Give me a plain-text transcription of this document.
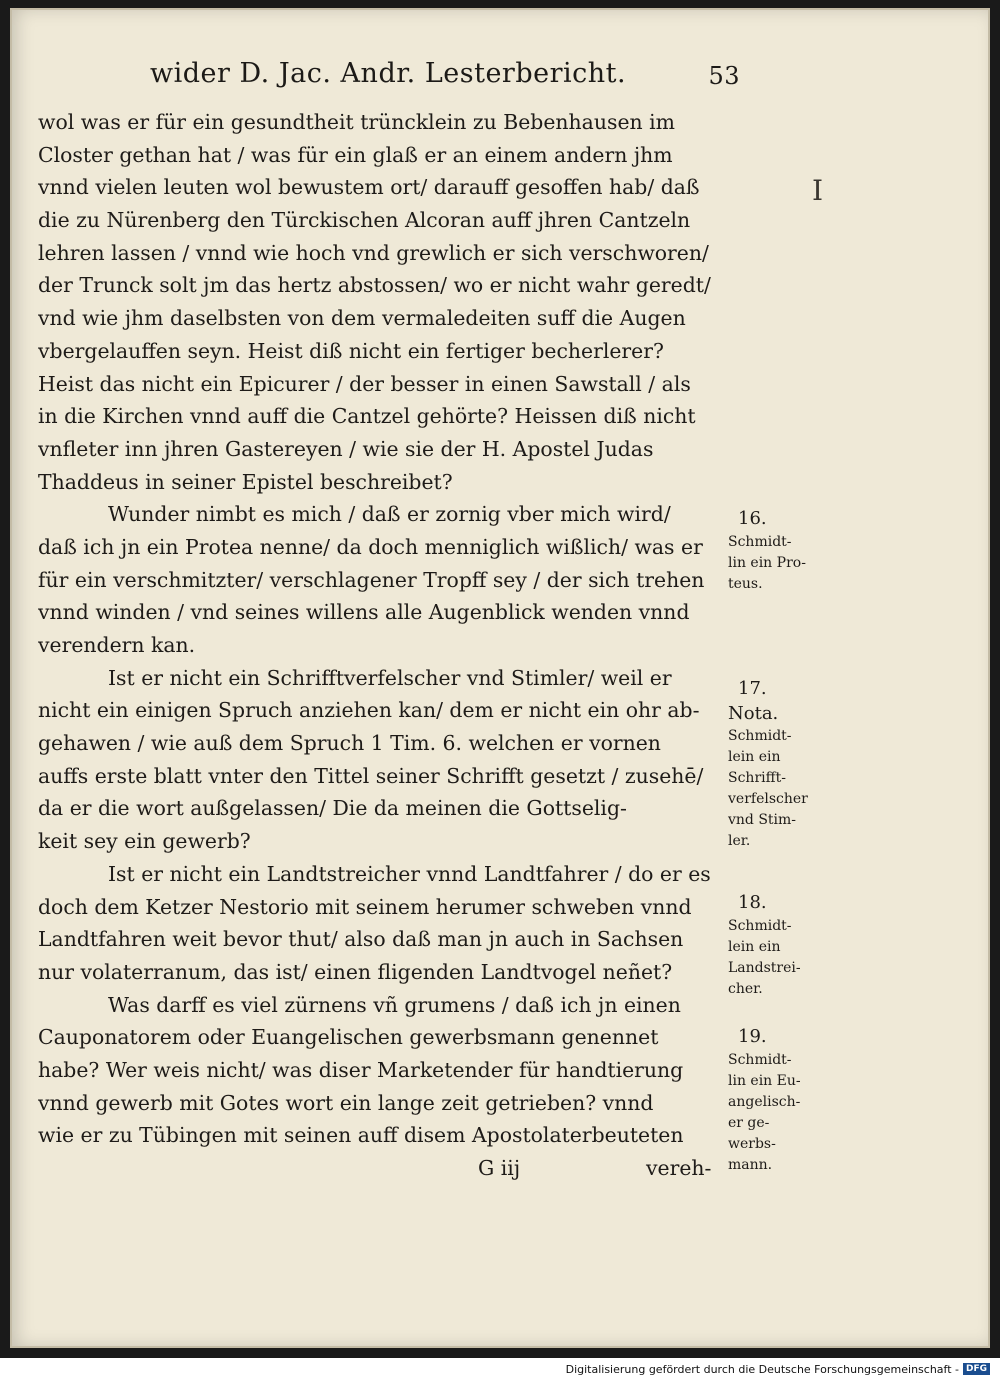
wider D. Jac. Andr. Lesterbericht.	53
I
wol was er für ein gesundtheit trüncklein zu Bebenhausen im
Closter gethan hat / was für ein glaß er an einem andern jhm
vnnd vielen leuten wol bewustem ort/ darauff gesoffen hab/ daß
die zu Nürenberg den Türckischen Alcoran auff jhren Cantzeln
lehren lassen / vnnd wie hoch vnd grewlich er sich verschworen/
der Trunck solt jm das hertz abstossen/ wo er nicht wahr geredt/
vnd wie jhm daselbsten von dem vermaledeiten suff die Augen
vbergelauffen seyn. Heist diß nicht ein fertiger becherlerer?
Heist das nicht ein Epicurer / der besser in einen Sawstall / als
in die Kirchen vnnd auff die Cantzel gehörte? Heissen diß nicht
vnfleter inn jhren Gastereyen / wie sie der H. Apostel Judas
Thaddeus in seiner Epistel beschreibet?
Wunder nimbt es mich / daß er zornig vber mich wird/
daß ich jn ein Protea nenne/ da doch menniglich wißlich/ was er
für ein verschmitzter/ verschlagener Tropff sey / der sich trehen
vnnd winden / vnd seines willens alle Augenblick wenden vnnd
verendern kan.
Ist er nicht ein Schrifftverfelscher vnd Stimler/ weil er
nicht ein einigen Spruch anziehen kan/ dem er nicht ein ohr ab-
gehawen / wie auß dem Spruch 1 Tim. 6. welchen er vornen
auffs erste blatt vnter den Tittel seiner Schrifft gesetzt / zusehē/
da er die wort außgelassen/ Die da meinen die Gottselig-
keit sey ein gewerb?
Ist er nicht ein Landtstreicher vnnd Landtfahrer / do er es
doch dem Ketzer Nestorio mit seinem herumer schweben vnnd
Landtfahren weit bevor thut/ also daß man jn auch in Sachsen
nur volaterranum, das ist/ einen fligenden Landtvogel neñet?
Was darff es viel zürnens vñ grumens / daß ich jn einen
Cauponatorem oder Euangelischen gewerbsmann genennet
habe? Wer weis nicht/ was diser Marketender für handtierung
vnnd gewerb mit Gotes wort ein lange zeit getrieben? vnnd
wie er zu Tübingen mit seinen auff disem Apostolaterbeuteten
G iij	vereh-
16.
Schmidt-
lin ein Pro-
teus.
17.
Nota.
Schmidt-
lein ein
Schrifft-
verfelscher
vnd Stim-
ler.
18.
Schmidt-
lein ein
Landstrei-
cher.
19.
Schmidt-
lin ein Eu-
angelisch-
er ge-
werbs-
mann.
Digitalisierung gefördert durch die Deutsche Forschungsgemeinschaft - DFG
